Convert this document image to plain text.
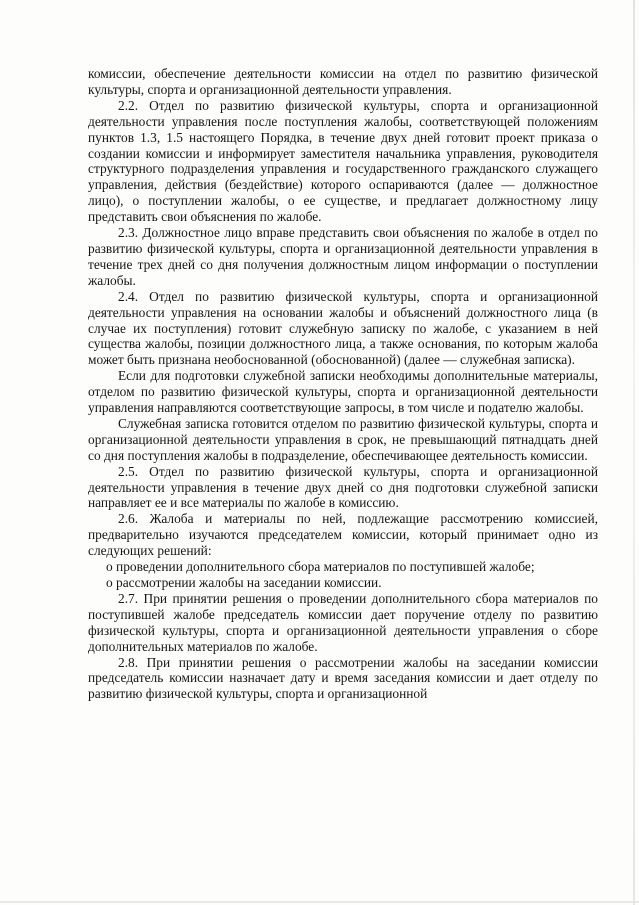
комиссии, обеспечение деятельности комиссии на отдел по развитию физической культуры, спорта и организационной деятельности управления.

2.2. Отдел по развитию физической культуры, спорта и организационной деятельности управления после поступления жалобы, соответствующей положениям пунктов 1.3, 1.5 настоящего Порядка, в течение двух дней готовит проект приказа о создании комиссии и информирует заместителя начальника управления, руководителя структурного подразделения управления и государственного гражданского служащего управления, действия (бездействие) которого оспариваются (далее — должностное лицо), о поступлении жалобы, о ее существе, и предлагает должностному лицу представить свои объяснения по жалобе.

2.3. Должностное лицо вправе представить свои объяснения по жалобе в отдел по развитию физической культуры, спорта и организационной деятельности управления в течение трех дней со дня получения должностным лицом информации о поступлении жалобы.

2.4. Отдел по развитию физической культуры, спорта и организационной деятельности управления на основании жалобы и объяснений должностного лица (в случае их поступления) готовит служебную записку по жалобе, с указанием в ней существа жалобы, позиции должностного лица, а также основания, по которым жалоба может быть признана необоснованной (обоснованной) (далее — служебная записка).

Если для подготовки служебной записки необходимы дополнительные материалы, отделом по развитию физической культуры, спорта и организационной деятельности управления направляются соответствующие запросы, в том числе и подателю жалобы.

Служебная записка готовится отделом по развитию физической культуры, спорта и организационной деятельности управления в срок, не превышающий пятнадцать дней со дня поступления жалобы в подразделение, обеспечивающее деятельность комиссии.

2.5. Отдел по развитию физической культуры, спорта и организационной деятельности управления в течение двух дней со дня подготовки служебной записки направляет ее и все материалы по жалобе в комиссию.

2.6. Жалоба и материалы по ней, подлежащие рассмотрению комиссией, предварительно изучаются председателем комиссии, который принимает одно из следующих решений:

о проведении дополнительного сбора материалов по поступившей жалобе;

о рассмотрении жалобы на заседании комиссии.

2.7. При принятии решения о проведении дополнительного сбора материалов по поступившей жалобе председатель комиссии дает поручение отделу по развитию физической культуры, спорта и организационной деятельности управления о сборе дополнительных материалов по жалобе.

2.8. При принятии решения о рассмотрении жалобы на заседании комиссии председатель комиссии назначает дату и время заседания комиссии и дает отделу по развитию физической культуры, спорта и организационной
